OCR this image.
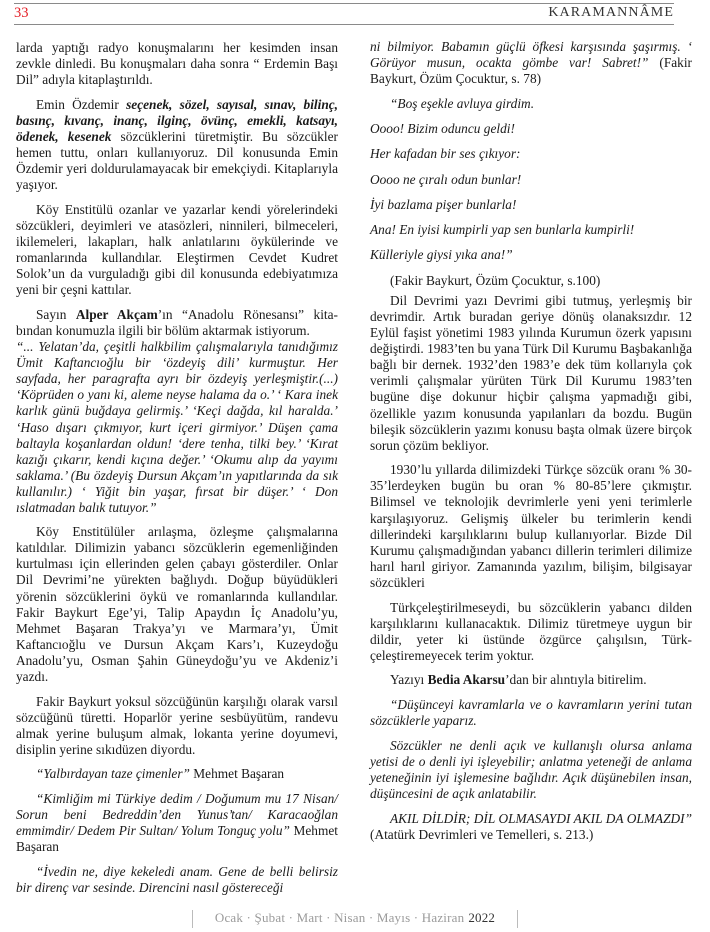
33	KARAMANNÂME

larda yaptığı radyo konuşmalarını her kesimden insan zevkle dinledi. Bu konuşmaları daha sonra “ Erdemin Başı Dil” adıyla kitaplaştırıldı.

Emin Özdemir seçenek, sözel, sayısal, sınav, bilinç, basınç, kıvanç, inanç, ilginç, övünç, emekli, katsayı, ödenek, kesenek sözcüklerini türetmiştir. Bu sözcükler hemen tuttu, onları kullanıyoruz. Dil konusunda Emin Özdemir yeri doldurulamayacak bir emekçiydi. Kitaplarıyla yaşıyor.

Köy Enstitülü ozanlar ve yazarlar kendi yörelerindeki sözcükleri, deyimleri ve atasözleri, ninnileri, bilmeceleri, ikilemeleri, lakapları, halk anlatılarını öykülerinde ve romanlarında kullandılar. Eleştirmen Cevdet Kudret Solok’un da vurguladığı gibi dil konusunda edebiyatımıza yeni bir çeşni kattılar.

Sayın Alper Akçam’ın “Anadolu Rönesansı” kitabından konumuzla ilgili bir bölüm aktarmak istiyorum.
“... Yelatan’da, çeşitli halkbilim çalışmalarıyla tanıdığımız Ümit Kaftancıoğlu bir ‘özdeyiş dili’ kurmuştur. Her sayfada, her paragrafta ayrı bir özdeyiş yerleşmiştir.(...) ‘Köprüden o yanı ki, aleme neyse halama da o.’ ‘ Kara inek karlık günü buğdaya gelirmiş.’ ‘Keçi dağda, kıl haralda.’ ‘Haso dışarı çıkmıyor, kurt içeri girmiyor.’ Düşen çama baltayla koşanlardan oldun! ‘dere tenha, tilki bey.’ ‘Kırat kazığı çıkarır, kendi kıçına değer.’ ‘Okumu alıp da yayımı saklama.’ (Bu özdeyiş Dursun Akçam’ın yapıtlarında da sık kullanılır.) ‘ Yiğit bin yaşar, fırsat bir düşer.’ ‘ Don ıslatmadan balık tutuyor.”

Köy Enstitülüler arılaşma, özleşme çalışmalarına katıldılar. Dilimizin yabancı sözcüklerin egemenliğinden kurtulması için ellerinden gelen çabayı gösterdiler. Onlar Dil Devrimi’ne yürekten bağlıydı. Doğup büyüdükleri yörenin sözcüklerini öykü ve romanlarında kullandılar. Fakir Baykurt Ege’yi, Talip Apaydın İç Anadolu’yu, Mehmet Başaran Trakya’yı ve Marmara’yı, Ümit Kaftancıoğlu ve Dursun Akçam Kars’ı, Kuzeydoğu Anadolu’yu, Osman Şahin Güneydoğu’yu ve Akdeniz’i yazdı.

Fakir Baykurt yoksul sözcüğünün karşılığı olarak varsıl sözcüğünü türetti. Hoparlör yerine sesbüyütüm, randevu almak yerine buluşum almak, lokanta yerine doyumevi, disiplin yerine sıkıdüzen diyordu.

“Yalbırdayan taze çimenler” Mehmet Başaran

“Kimliğim mi Türkiye dedim / Doğumum mu 17 Nisan/ Sorun beni Bedreddin’den Yunus’tan/ Karacaoğlan emmimdir/ Dedem Pir Sultan/ Yolum Tonguç yolu” Mehmet Başaran

“İvedin ne, diye kekeledi anam. Gene de belli belirsiz bir direnç var sesinde. Direncini nasıl göstereceği

ni bilmiyor. Babamın güçlü öfkesi karşısında şaşırmış. ‘ Görüyor musun, ocakta gömbe var! Sabret!” (Fakir Baykurt, Özüm Çocuktur, s. 78)

“Boş eşekle avluya girdim.

Oooo! Bizim oduncu geldi!

Her kafadan bir ses çıkıyor:

Oooo ne çıralı odun bunlar!

İyi bazlama pişer bunlarla!

Ana! En iyisi kumpirli yap sen bunlarla kumpirli!

Külleriyle giysi yıka ana!”

(Fakir Baykurt, Özüm Çocuktur, s.100)

Dil Devrimi yazı Devrimi gibi tutmuş, yerleşmiş bir devrimdir. Artık buradan geriye dönüş olanaksızdır. 12 Eylül faşist yönetimi 1983 yılında Kurumun özerk yapısını değiştirdi. 1983’ten bu yana Türk Dil Kurumu Başbakanlığa bağlı bir dernek. 1932’den 1983’e dek tüm kollarıyla çok verimli çalışmalar yürüten Türk Dil Kurumu 1983’ten bugüne dişe dokunur hiçbir çalışma yapmadığı gibi, özellikle yazım konusunda yapılanları da bozdu. Bugün bileşik sözcüklerin yazımı konusu başta olmak üzere birçok sorun çözüm bekliyor.

1930’lu yıllarda dilimizdeki Türkçe sözcük oranı % 30-35’lerdeyken bugün bu oran % 80-85’lere çıkmıştır. Bilimsel ve teknolojik devrimlerle yeni yeni terimlerle karşılaşıyoruz. Gelişmiş ülkeler bu terimlerin kendi dillerindeki karşılıklarını bulup kullanıyorlar. Bizde Dil Kurumu çalışmadığından yabancı dillerin terimleri dilimize harıl harıl giriyor. Zamanında yazılım, bilişim, bilgisayar sözcükleri

Türkçeleştirilmeseydi, bu sözcüklerin yabancı dilden karşılıklarını kullanacaktık. Dilimiz türetmeye uygun bir dildir, yeter ki üstünde özgürce çalışılsın, Türkçeleştiremeyecek terim yoktur.

Yazıyı Bedia Akarsu’dan bir alıntıyla bitirelim.

“Düşünceyi kavramlarla ve o kavramların yerini tutan sözcüklerle yaparız.

Sözcükler ne denli açık ve kullanışlı olursa anlama yetisi de o denli iyi işleyebilir; anlatma yeteneği de anlama yeteneğinin iyi işlemesine bağlıdır. Açık düşünebilen insan, düşüncesini de açık anlatabilir.

AKIL DİLDİR; DİL OLMASAYDI AKIL DA OLMAZDI” (Atatürk Devrimleri ve Temelleri, s. 213.)

Ocak · Şubat · Mart · Nisan · Mayıs · Haziran 2022
